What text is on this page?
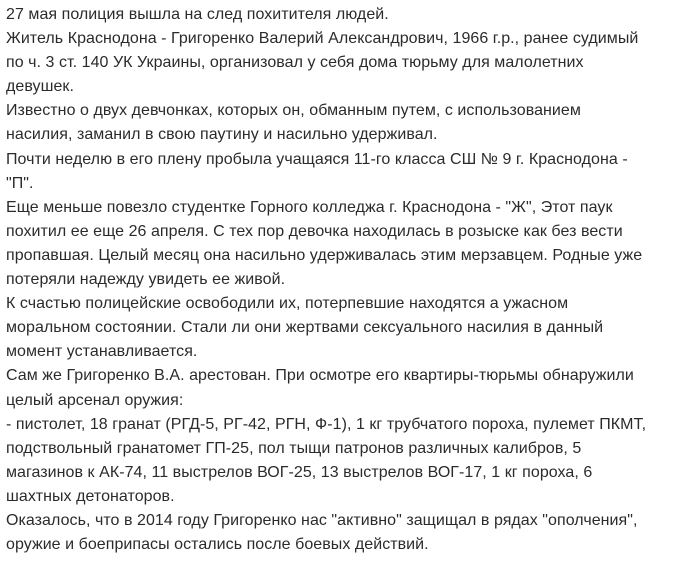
27 мая полиция вышла на след похитителя людей.
Житель Краснодона - Григоренко Валерий Александрович, 1966 г.р., ранее судимый
по ч. 3 ст. 140 УК Украины, организовал у себя дома тюрьму для малолетних
девушек.
Известно о двух девчонках, которых он, обманным путем, с использованием
насилия, заманил в свою паутину и насильно удерживал.
Почти неделю в его плену пробыла учащаяся 11-го класса СШ № 9 г. Краснодона -
"П".
Еще меньше повезло студентке Горного колледжа г. Краснодона - "Ж", Этот паук
похитил ее еще 26 апреля. С тех пор девочка находилась в розыске как без вести
пропавшая. Целый месяц она насильно удерживалась этим мерзавцем. Родные уже
потеряли надежду увидеть ее живой.
К счастью полицейские освободили их, потерпевшие находятся а ужасном
моральном состоянии. Стали ли они жертвами сексуального насилия в данный
момент устанавливается.
Сам же Григоренко В.А. арестован. При осмотре его квартиры-тюрьмы обнаружили
целый арсенал оружия:
- пистолет, 18 гранат (РГД-5, РГ-42, РГН, Ф-1), 1 кг трубчатого пороха, пулемет ПКМТ,
подствольный гранатомет ГП-25, пол тыщи патронов различных калибров, 5
магазинов к АК-74, 11 выстрелов ВОГ-25, 13 выстрелов ВОГ-17, 1 кг пороха, 6
шахтных детонаторов.
Оказалось, что в 2014 году Григоренко нас "активно" защищал в рядах "ополчения",
оружие и боеприпасы остались после боевых действий.
